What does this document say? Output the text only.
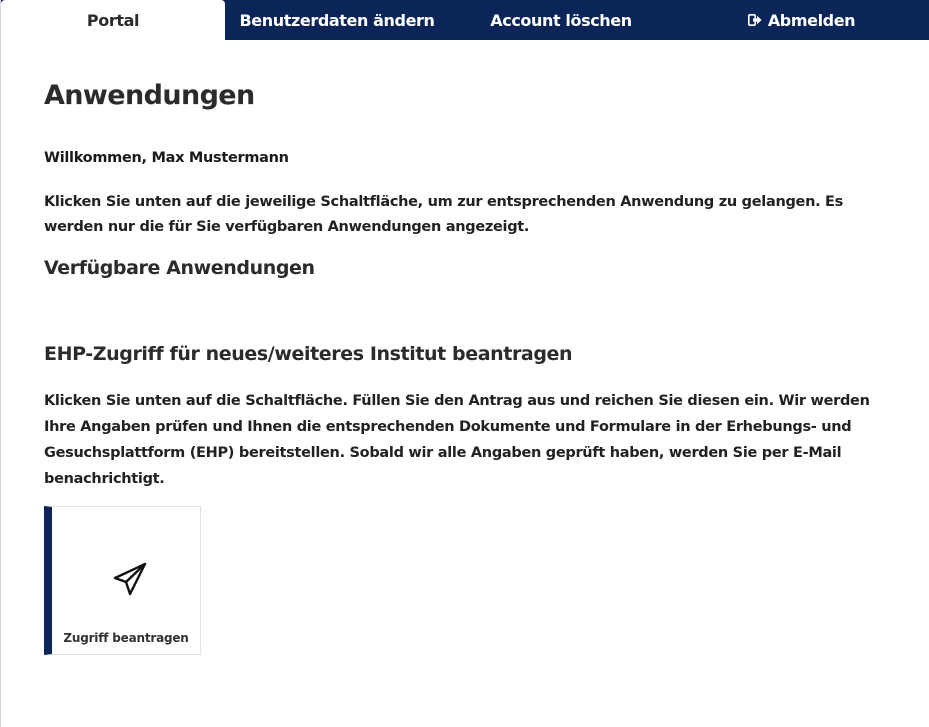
Portal	Benutzerdaten ändern	Account löschen	Abmelden
Anwendungen
Willkommen, Max Mustermann

Klicken Sie unten auf die jeweilige Schaltfläche, um zur entsprechenden Anwendung zu gelangen. Es werden nur die für Sie verfügbaren Anwendungen angezeigt.

Verfügbare Anwendungen
EHP-Zugriff für neues/weiteres Institut beantragen

Klicken Sie unten auf die Schaltfläche. Füllen Sie den Antrag aus und reichen Sie diesen ein. Wir werden Ihre Angaben prüfen und Ihnen die entsprechenden Dokumente und Formulare in der Erhebungs- und Gesuchsplattform (EHP) bereitstellen. Sobald wir alle Angaben geprüft haben, werden Sie per E-Mail benachrichtigt.

Zugriff beantragen
